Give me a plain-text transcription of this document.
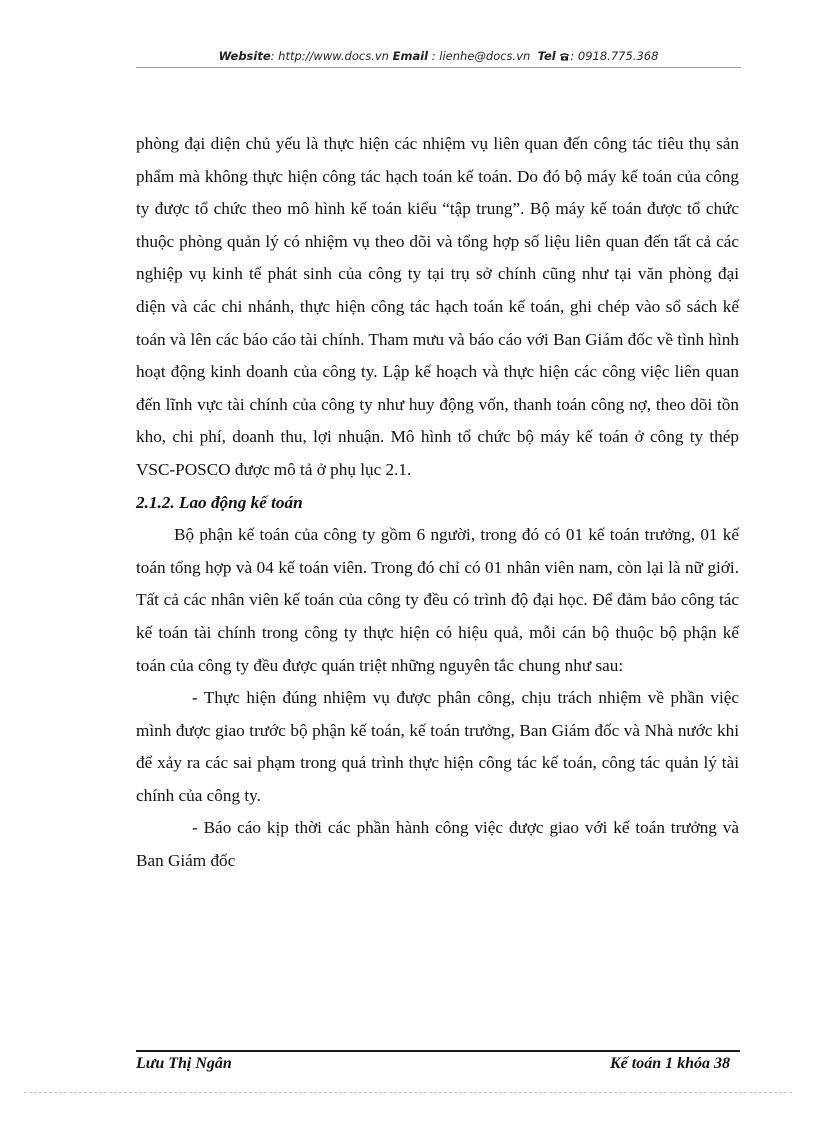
Website: http://www.docs.vn Email : lienhe@docs.vn Tel : 0918.775.368

phòng đại diện chủ yếu là thực hiện các nhiệm vụ liên quan đến công tác tiêu thụ sản phẩm mà không thực hiện công tác hạch toán kế toán. Do đó bộ máy kế toán của công ty được tổ chức theo mô hình kế toán kiểu “tập trung”. Bộ máy kế toán được tổ chức thuộc phòng quản lý có nhiệm vụ theo dõi và tổng hợp số liệu liên quan đến tất cả các nghiệp vụ kinh tế phát sinh của công ty tại trụ sở chính cũng như tại văn phòng đại diện và các chi nhánh, thực hiện công tác hạch toán kế toán, ghi chép vào sổ sách kế toán và lên các báo cáo tài chính. Tham mưu và báo cáo với Ban Giám đốc về tình hình hoạt động kinh doanh của công ty. Lập kế hoạch và thực hiện các công việc liên quan đến lĩnh vực tài chính của công ty như huy động vốn, thanh toán công nợ, theo dõi tồn kho, chi phí, doanh thu, lợi nhuận. Mô hình tổ chức bộ máy kế toán ở công ty thép VSC-POSCO được mô tả ở phụ lục 2.1.

2.1.2. Lao động kế toán

Bộ phận kế toán của công ty gồm 6 người, trong đó có 01 kế toán trưởng, 01 kế toán tổng hợp và 04 kế toán viên. Trong đó chỉ có 01 nhân viên nam, còn lại là nữ giới. Tất cả các nhân viên kế toán của công ty đều có trình độ đại học. Để đảm bảo công tác kế toán tài chính trong công ty thực hiện có hiệu quả, mỗi cán bộ thuộc bộ phận kế toán của công ty đều được quán triệt những nguyên tắc chung như sau:

- Thực hiện đúng nhiệm vụ được phân công, chịu trách nhiệm về phần việc mình được giao trước bộ phận kế toán, kế toán trưởng, Ban Giám đốc và Nhà nước khi để xảy ra các sai phạm trong quá trình thực hiện công tác kế toán, công tác quản lý tài chính của công ty.

- Báo cáo kịp thời các phần hành công việc được giao với kế toán trưởng và Ban Giám đốc

Lưu Thị Ngân	Kế toán 1 khóa 38
